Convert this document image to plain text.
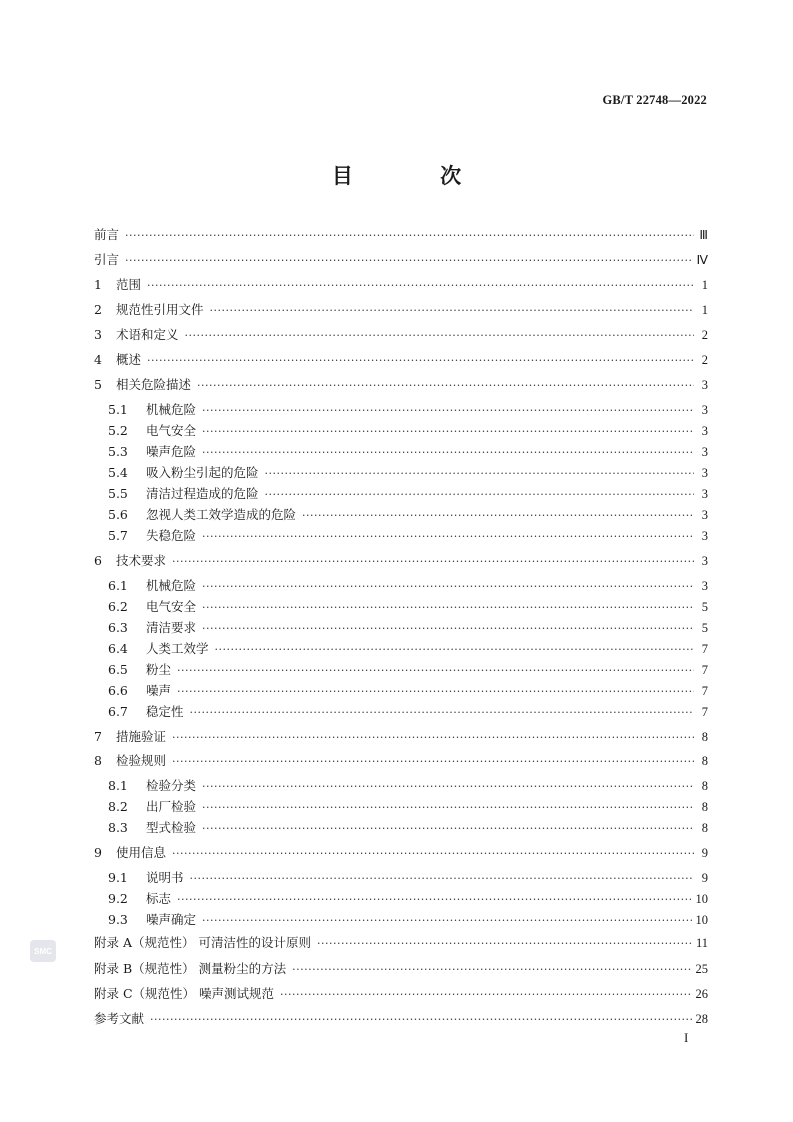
GB/T 22748—2022
目 次
SMC
前言 ·····	Ⅲ
引言 ·····	Ⅳ
1	范围 ·····	1
2	规范性引用文件 ·····	1
3	术语和定义 ·····	2
4	概述 ·····	2
5	相关危险描述 ·····	3
5.1	机械危险 ·····	3
5.2	电气安全 ·····	3
5.3	噪声危险 ·····	3
5.4	吸入粉尘引起的危险 ·····	3
5.5	清洁过程造成的危险 ·····	3
5.6	忽视人类工效学造成的危险 ·····	3
5.7	失稳危险 ·····	3
6	技术要求 ·····	3
6.1	机械危险 ·····	3
6.2	电气安全 ·····	5
6.3	清洁要求 ·····	5
6.4	人类工效学 ·····	7
6.5	粉尘 ·····	7
6.6	噪声 ·····	7
6.7	稳定性 ·····	7
7	措施验证 ·····	8
8	检验规则 ·····	8
8.1	检验分类 ·····	8
8.2	出厂检验 ·····	8
8.3	型式检验 ·····	8
9	使用信息 ·····	9
9.1	说明书 ·····	9
9.2	标志 ·····	10
9.3	噪声确定 ·····	10
附录 A（规范性） 可清洁性的设计原则 ·····	11
附录 B（规范性） 测量粉尘的方法 ·····	25
附录 C（规范性） 噪声测试规范 ·····	26
参考文献 ·····	28
I
